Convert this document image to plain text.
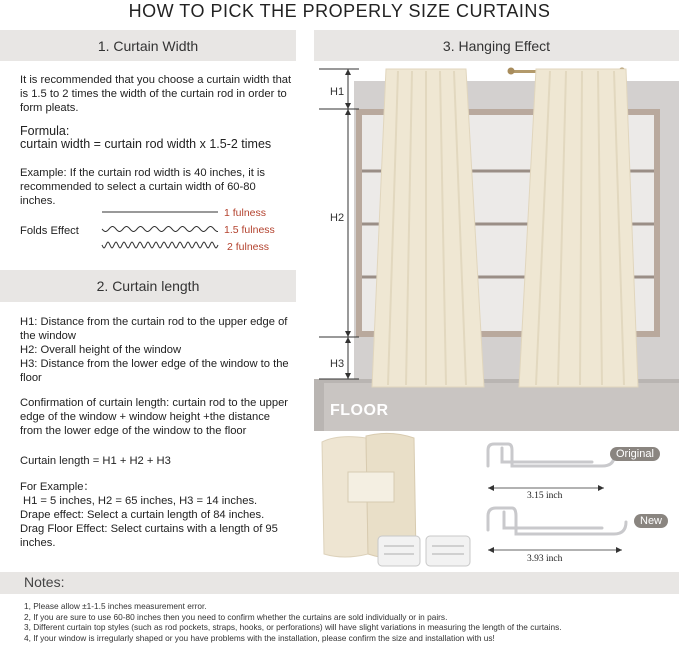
HOW TO PICK THE PROPERLY SIZE CURTAINS
1. Curtain Width
It is recommended that you choose a curtain width that is 1.5 to 2 times the width of the curtain rod in order to form pleats.
Formula:
curtain width = curtain rod width x 1.5-2 times
Example: If the curtain rod width is 40 inches, it is recommended to select a curtain width of 60-80 inches.
Folds Effect
1 fulness
1.5 fulness
2 fulness
2. Curtain length

H1: Distance from the curtain rod to the upper edge of the window

H2: Overall height of the window

H3: Distance from the lower edge of the window to the floor

Confirmation of curtain length: curtain rod to the upper edge of the window + window height +the distance from the lower edge of the window to the floor
Curtain length = H1 + H2 + H3

For Example：

H1 = 5 inches, H2 = 65 inches, H3 = 14 inches.

Drape effect: Select a curtain length of 84 inches.

Drag Floor Effect: Select curtains with a length of 95 inches.

3. Hanging Effect
H1
H2
H3
FLOOR
Original
3.15 inch
New
3.93 inch
Notes:
1, Please allow ±1-1.5 inches measurement error.
2, If you are sure to use 60-80 inches then you need to confirm whether the curtains are sold individually or in pairs.
3, Different curtain top styles (such as rod pockets, straps, hooks, or perforations) will have slight variations in measuring the length of the curtains.
4, If your window is irregularly shaped or you have problems with the installation, please confirm the size and installation with us!
